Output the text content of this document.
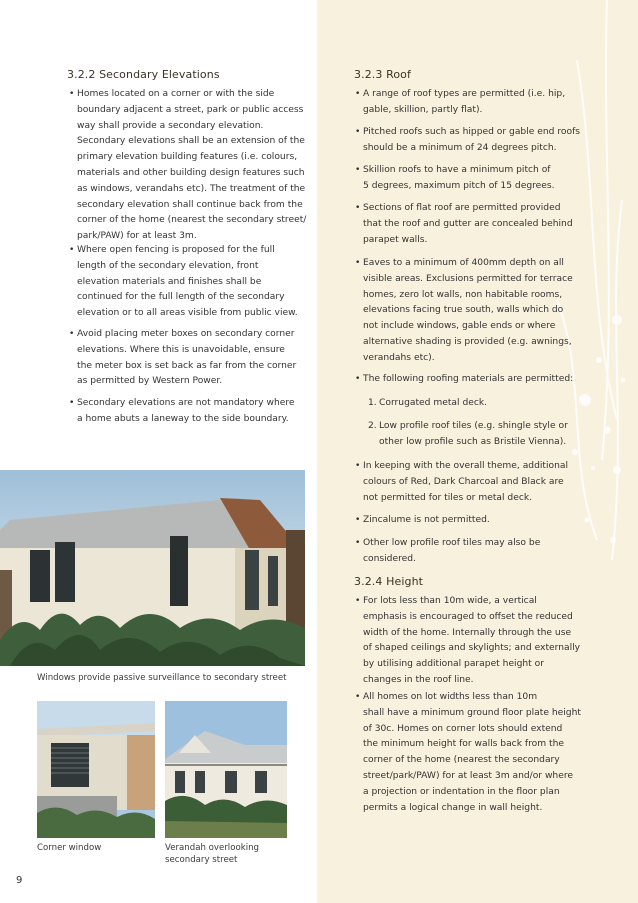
3.2.2 Secondary Elevations
• Homes located on a corner or with the side
boundary adjacent a street, park or public access
way shall provide a secondary elevation.
Secondary elevations shall be an extension of the
primary elevation building features (i.e. colours,
materials and other building design features such
as windows, verandahs etc). The treatment of the
secondary elevation shall continue back from the
corner of the home (nearest the secondary street/
park/PAW) for at least 3m.
• Where open fencing is proposed for the full
length of the secondary elevation, front
elevation materials and finishes shall be
continued for the full length of the secondary
elevation or to all areas visible from public view.
• Avoid placing meter boxes on secondary corner
elevations. Where this is unavoidable, ensure
the meter box is set back as far from the corner
as permitted by Western Power.
• Secondary elevations are not mandatory where
a home abuts a laneway to the side boundary.

Windows provide passive surveillance to secondary street

Corner window	Verandah overlooking
secondary street

9
3.2.3 Roof
• A range of roof types are permitted (i.e. hip,
gable, skillion, partly flat).
• Pitched roofs such as hipped or gable end roofs
should be a minimum of 24 degrees pitch.
• Skillion roofs to have a minimum pitch of
5 degrees, maximum pitch of 15 degrees.
• Sections of flat roof are permitted provided
that the roof and gutter are concealed behind
parapet walls.
• Eaves to a minimum of 400mm depth on all
visible areas. Exclusions permitted for terrace
homes, zero lot walls, non habitable rooms,
elevations facing true south, walls which do
not include windows, gable ends or where
alternative shading is provided (e.g. awnings,
verandahs etc).
• The following roofing materials are permitted:
1. Corrugated metal deck.
2. Low profile roof tiles (e.g. shingle style or
other low profile such as Bristile Vienna).
• In keeping with the overall theme, additional
colours of Red, Dark Charcoal and Black are
not permitted for tiles or metal deck.
• Zincalume is not permitted.
• Other low profile roof tiles may also be
considered.
3.2.4 Height
• For lots less than 10m wide, a vertical
emphasis is encouraged to offset the reduced
width of the home. Internally through the use
of shaped ceilings and skylights; and externally
by utilising additional parapet height or
changes in the roof line.
• All homes on lot widths less than 10m
shall have a minimum ground floor plate height
of 30c. Homes on corner lots should extend
the minimum height for walls back from the
corner of the home (nearest the secondary
street/park/PAW) for at least 3m and/or where
a projection or indentation in the floor plan
permits a logical change in wall height.
